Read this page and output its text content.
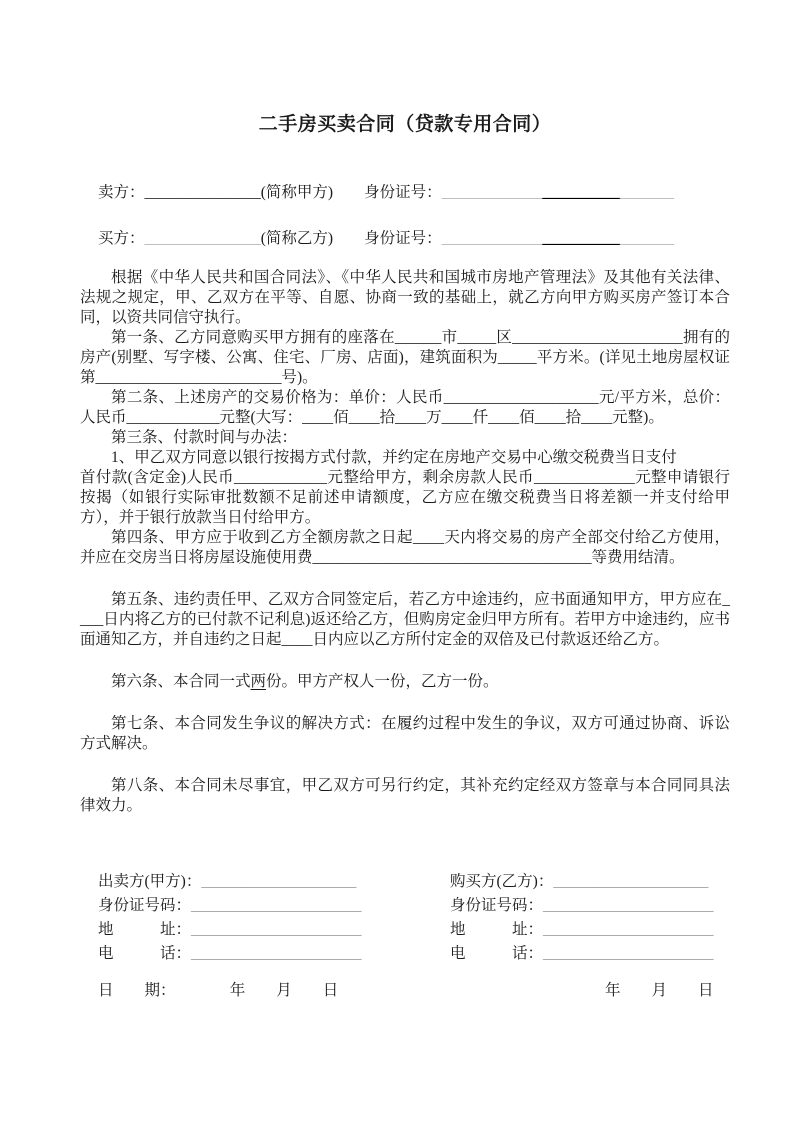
二手房买卖合同（贷款专用合同）

卖方：_______________(简称甲方)　　 身份证号：______________________________

买方：_______________(简称乙方)　　 身份证号：______________________________

根据《中华人民共和国合同法》、《中华人民共和国城市房地产管理法》及其他有关法律、法规之规定，甲、乙双方在平等、自愿、协商一致的基础上，就乙方向甲方购买房产签订本合同，以资共同信守执行。

第一条、乙方同意购买甲方拥有的座落在______市_____区______________________拥有的房产(别墅、写字楼、公寓、住宅、厂房、店面)，建筑面积为_____平方米。(详见土地房屋权证第________________________号)。

第二条、上述房产的交易价格为：单价：人民币____________________元/平方米，总价：人民币____________元整(大写：____佰____拾____万____仟____佰____拾____元整)。

第三条、付款时间与办法：

1、甲乙双方同意以银行按揭方式付款，并约定在房地产交易中心缴交税费当日支付

首付款(含定金)人民币____________元整给甲方，剩余房款人民币_____________元整申请银行按揭（如银行实际审批数额不足前述申请额度，乙方应在缴交税费当日将差额一并支付给甲方），并于银行放款当日付给甲方。

第四条、甲方应于收到乙方全额房款之日起____天内将交易的房产全部交付给乙方使用，并应在交房当日将房屋设施使用费____________________________________等费用结清。

第五条、违约责任甲、乙双方合同签定后，若乙方中途违约，应书面通知甲方，甲方应在____日内将乙方的已付款不记利息)返还给乙方，但购房定金归甲方所有。若甲方中途违约，应书面通知乙方，并自违约之日起____日内应以乙方所付定金的双倍及已付款返还给乙方。

第六条、本合同一式两份。甲方产权人一份，乙方一份。

第七条、本合同发生争议的解决方式：在履约过程中发生的争议，双方可通过协商、诉讼方式解决。

第八条、本合同未尽事宜，甲乙双方可另行约定，其补充约定经双方签章与本合同同具法律效力。

出卖方(甲方)：____________________

身份证号码：______________________

地　　　址：______________________

电　　　话：______________________

日　　期：　　　　年　　月　　日

购买方(乙方)：____________________

身份证号码：______________________

地　　　址：______________________

电　　　话：______________________

　　　　　　　　　　年　　月　　日
